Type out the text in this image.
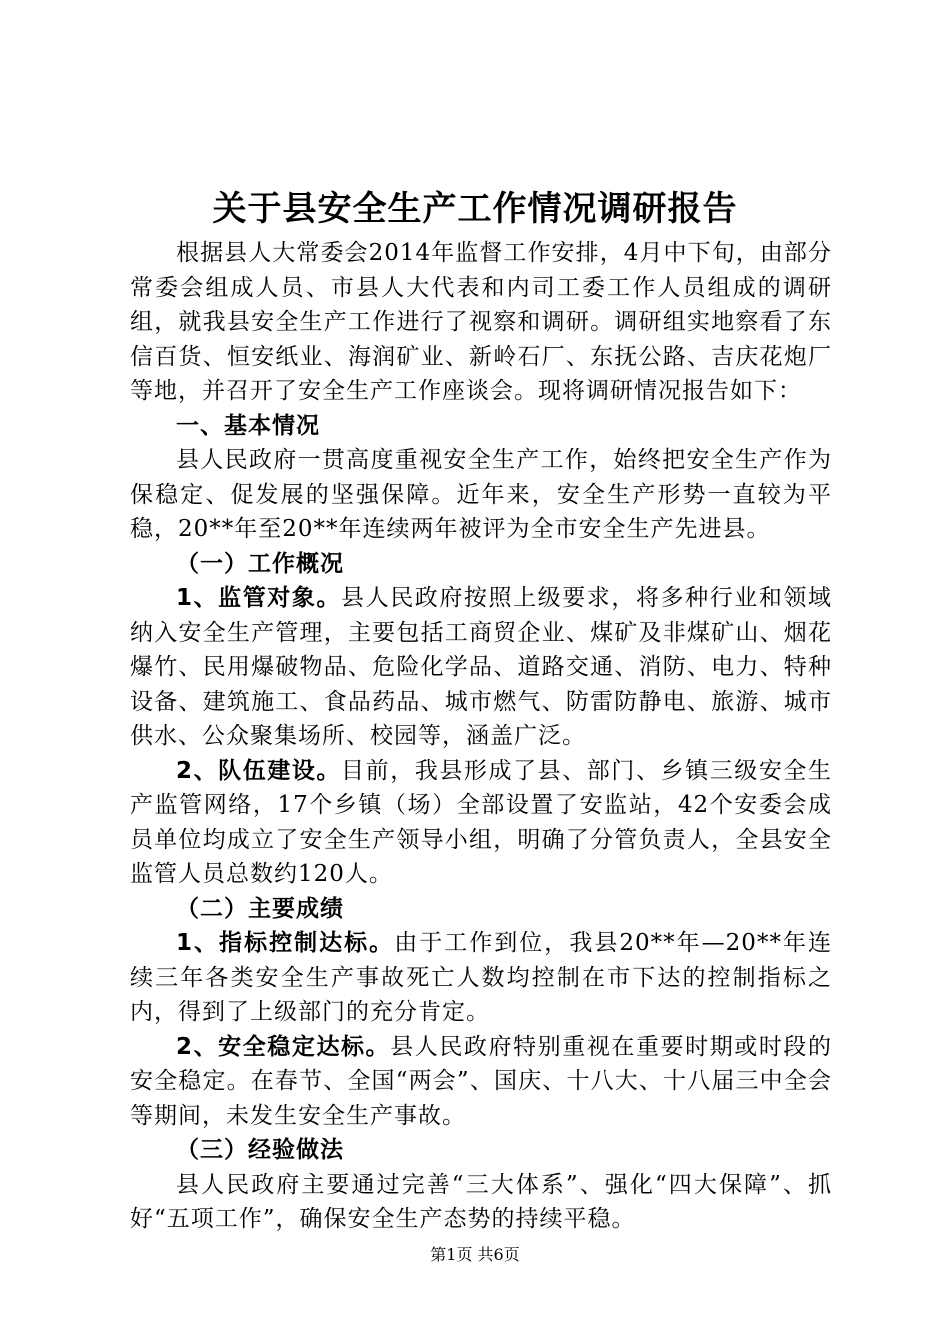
关于县安全生产工作情况调研报告

根据县人大常委会2014年监督工作安排，4月中下旬，由部分常委会组成人员、市县人大代表和内司工委工作人员组成的调研组，就我县安全生产工作进行了视察和调研。调研组实地察看了东信百货、恒安纸业、海润矿业、新岭石厂、东抚公路、吉庆花炮厂等地，并召开了安全生产工作座谈会。现将调研情况报告如下：

一、基本情况

县人民政府一贯高度重视安全生产工作，始终把安全生产作为保稳定、促发展的坚强保障。近年来，安全生产形势一直较为平稳，20**年至20**年连续两年被评为全市安全生产先进县。

（一）工作概况

1、监管对象。县人民政府按照上级要求，将多种行业和领域纳入安全生产管理，主要包括工商贸企业、煤矿及非煤矿山、烟花爆竹、民用爆破物品、危险化学品、道路交通、消防、电力、特种设备、建筑施工、食品药品、城市燃气、防雷防静电、旅游、城市供水、公众聚集场所、校园等，涵盖广泛。

2、队伍建设。目前，我县形成了县、部门、乡镇三级安全生产监管网络，17个乡镇（场）全部设置了安监站，42个安委会成员单位均成立了安全生产领导小组，明确了分管负责人，全县安全监管人员总数约120人。

（二）主要成绩

1、指标控制达标。由于工作到位，我县20**年—20**年连续三年各类安全生产事故死亡人数均控制在市下达的控制指标之内，得到了上级部门的充分肯定。

2、安全稳定达标。县人民政府特别重视在重要时期或时段的安全稳定。在春节、全国“两会”、国庆、十八大、十八届三中全会等期间，未发生安全生产事故。

（三）经验做法

县人民政府主要通过完善“三大体系”、强化“四大保障”、抓好“五项工作”，确保安全生产态势的持续平稳。

第1页 共6页
